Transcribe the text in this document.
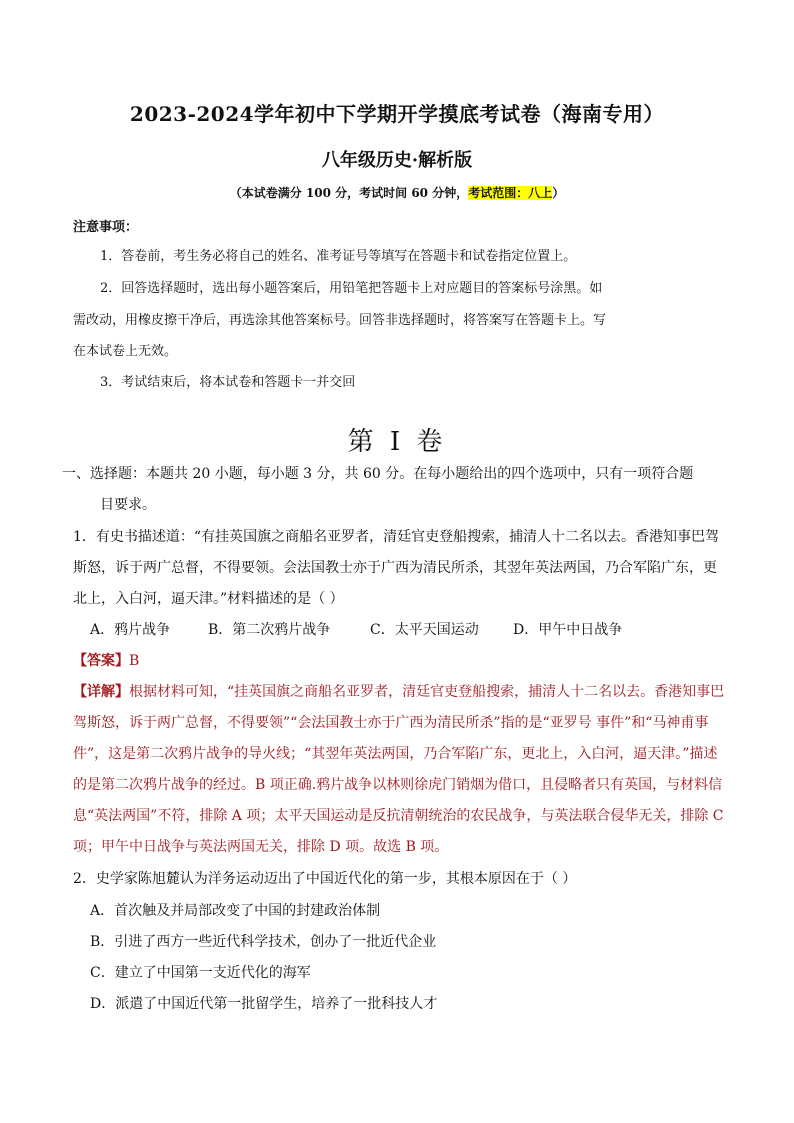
2023-2024学年初中下学期开学摸底考试卷（海南专用）
八年级历史·解析版
（本试卷满分 100 分，考试时间 60 分钟，考试范围：八上）
注意事项：
1．答卷前，考生务必将自己的姓名、准考证号等填写在答题卡和试卷指定位置上。
2．回答选择题时，选出每小题答案后，用铅笔把答题卡上对应题目的答案标号涂黑。如
需改动，用橡皮擦干净后，再选涂其他答案标号。回答非选择题时，将答案写在答题卡上。写
在本试卷上无效。
3．考试结束后，将本试卷和答题卡一并交回
第 I 卷
一、选择题：本题共 20 小题，每小题 3 分，共 60 分。在每小题给出的四个选项中，只有一项符合题
目要求。
1．有史书描述道：“有挂英国旗之商船名亚罗者，清廷官吏登船搜索，捕清人十二名以去。香港知事巴驾
斯怒，诉于两广总督，不得要领。会法国教士亦于广西为清民所杀，其翌年英法两国，乃合军陷广东，更
北上，入白河，逼天津。”材料描述的是（ ）
A．鸦片战争	B．第二次鸦片战争	C．太平天国运动 D．甲午中日战争
【答案】B
【详解】根据材料可知，“挂英国旗之商船名亚罗者，清廷官吏登船搜索，捕清人十二名以去。香港知事巴
驾斯怒，诉于两广总督，不得要领”“会法国教士亦于广西为清民所杀”指的是“亚罗号 事件”和“马神甫事
件”，这是第二次鸦片战争的导火线；“其翌年英法两国，乃合军陷广东，更北上，入白河，逼天津。”描述
的是第二次鸦片战争的经过。B 项正确.鸦片战争以林则徐虎门销烟为借口，且侵略者只有英国，与材料信
息“英法两国”不符，排除 A 项；太平天国运动是反抗清朝统治的农民战争，与英法联合侵华无关，排除 C
项；甲午中日战争与英法两国无关，排除 D 项。故选 B 项。
2．史学家陈旭麓认为洋务运动迈出了中国近代化的第一步，其根本原因在于（ ）
A．首次触及并局部改变了中国的封建政治体制
B．引进了西方一些近代科学技术，创办了一批近代企业
C．建立了中国第一支近代化的海军
D．派遣了中国近代第一批留学生，培养了一批科技人才
